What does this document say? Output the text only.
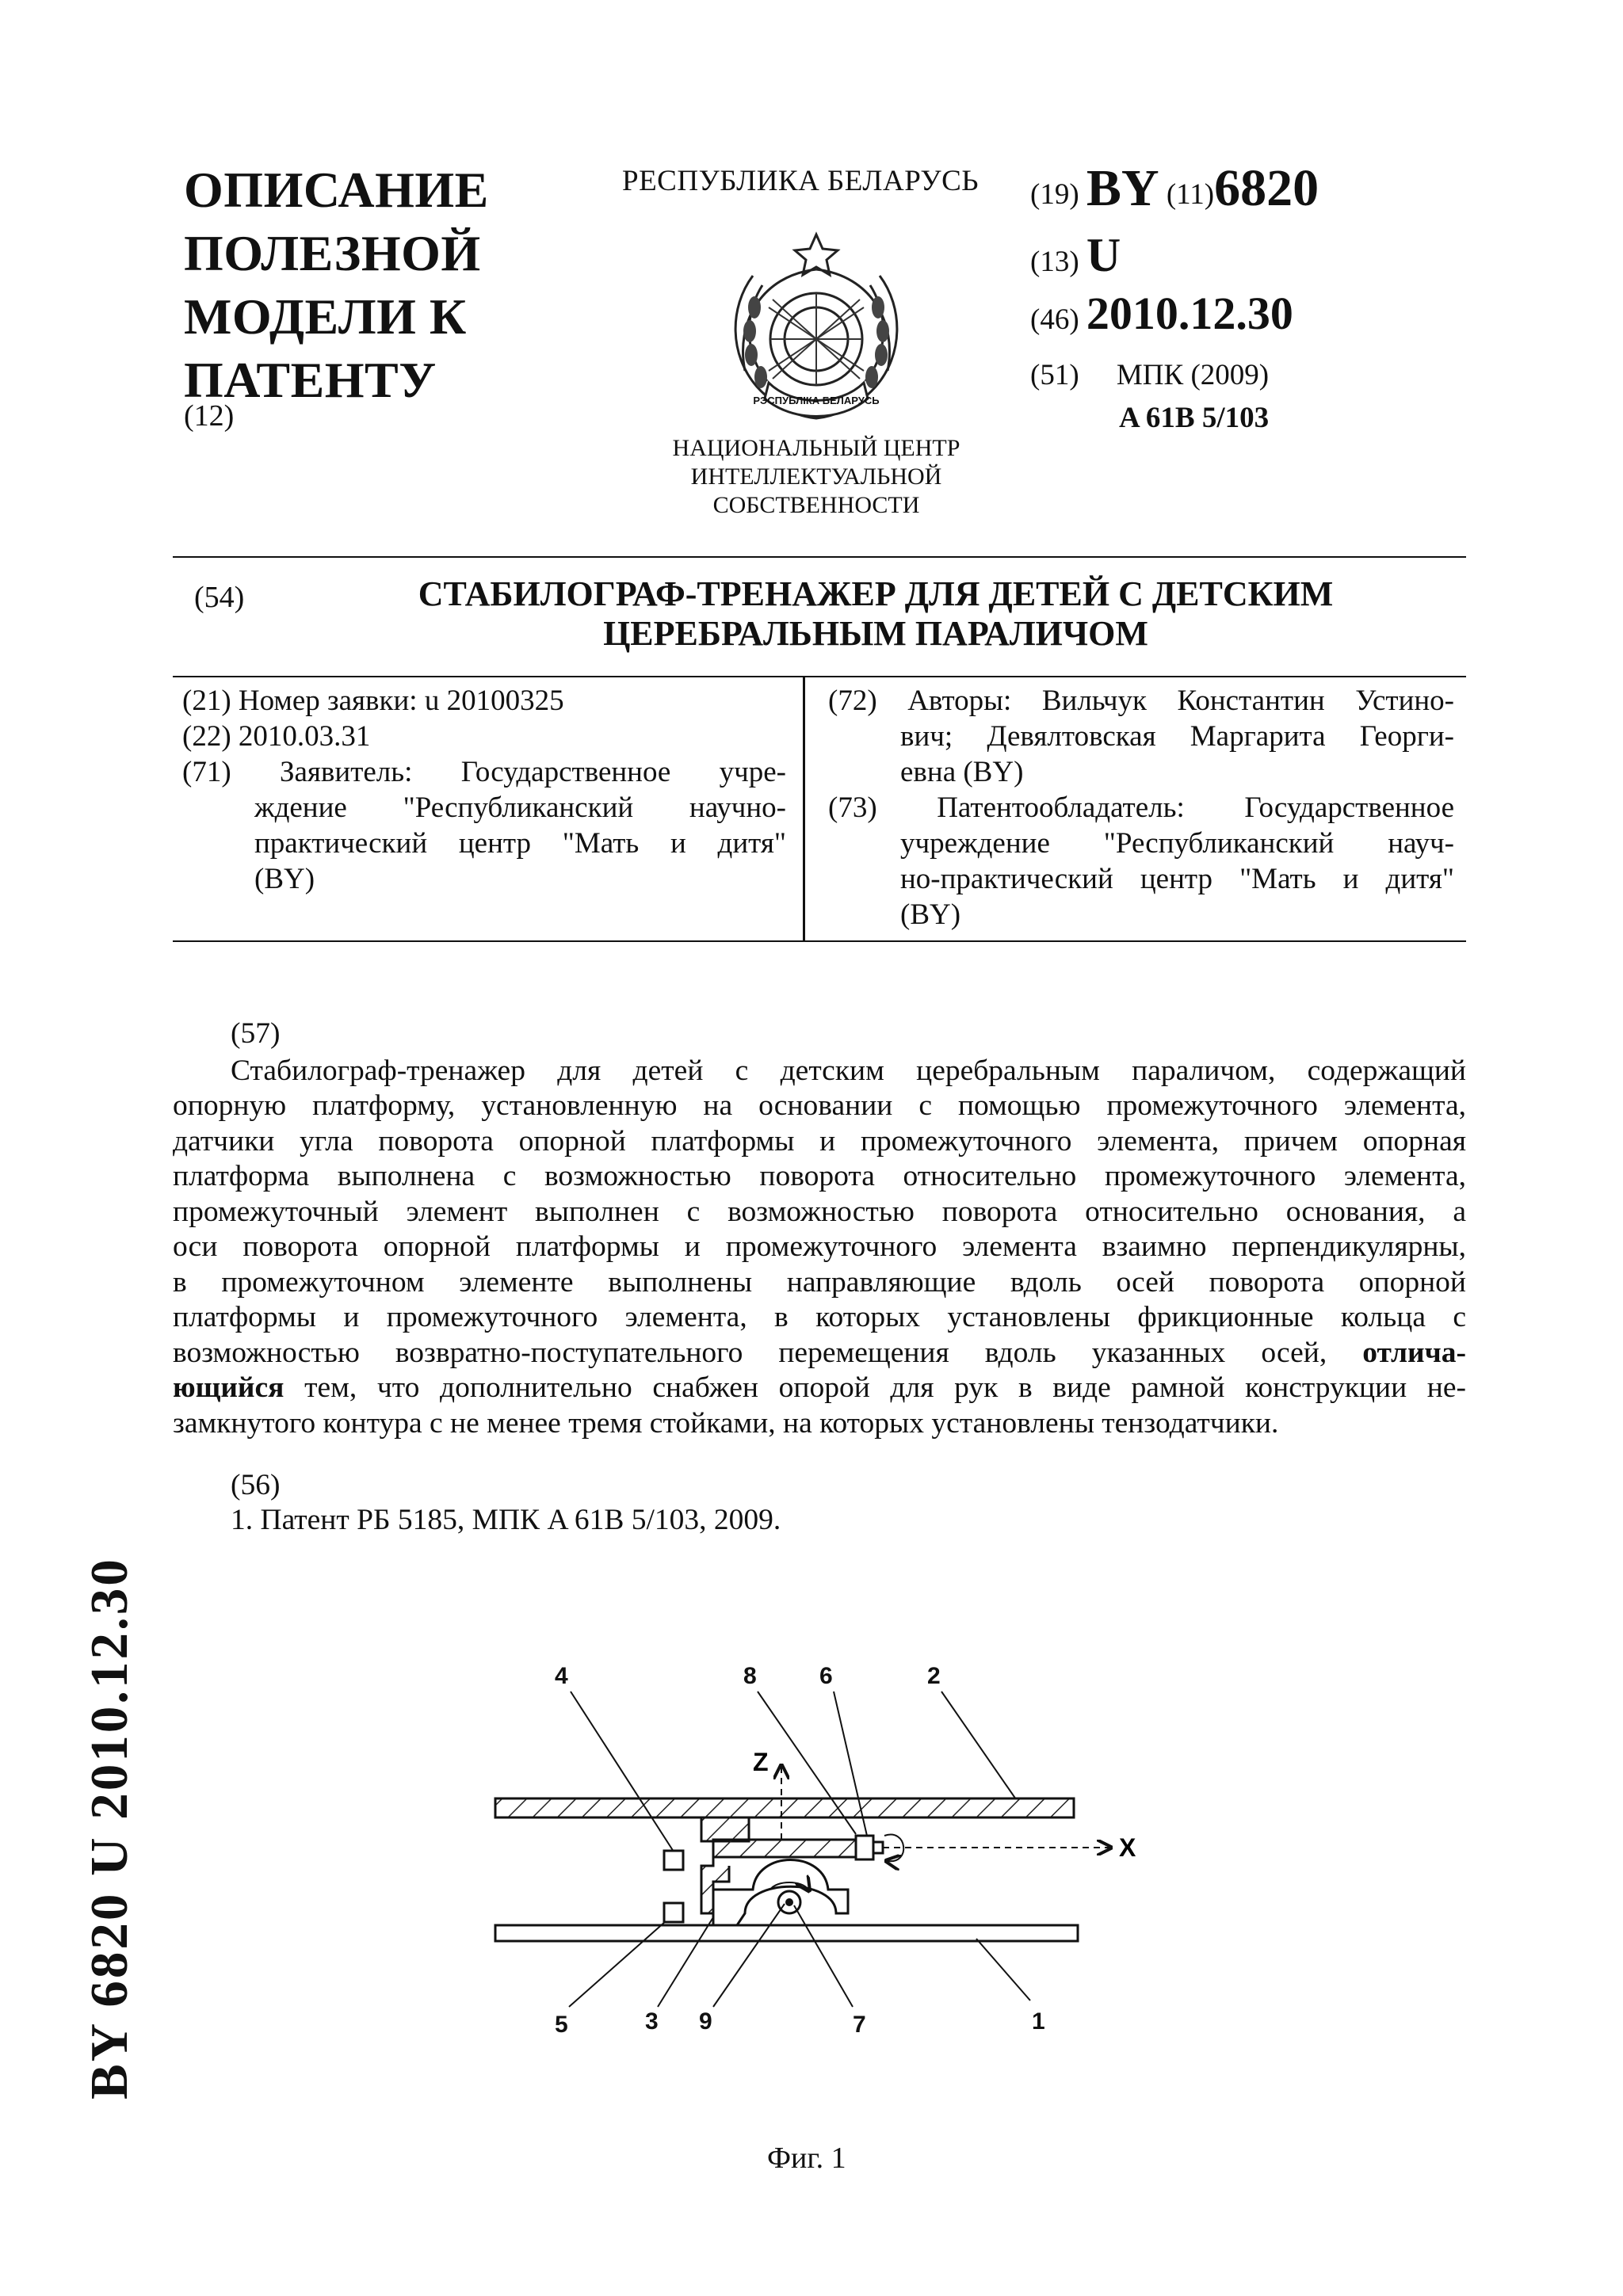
ОПИСАНИЕ
ПОЛЕЗНОЙ
МОДЕЛИ К
ПАТЕНТУ
(12)
РЕСПУБЛИКА БЕЛАРУСЬ
РЭСПУБЛІКА БЕЛАРУСЬ
НАЦИОНАЛЬНЫЙ ЦЕНТР
ИНТЕЛЛЕКТУАЛЬНОЙ
СОБСТВЕННОСТИ
(19) BY (11)6820
(13) U
(46) 2010.12.30
(51) МПК (2009)
A 61B 5/103
(54)	СТАБИЛОГРАФ-ТРЕНАЖЕР ДЛЯ ДЕТЕЙ С ДЕТСКИМ
ЦЕРЕБРАЛЬНЫМ ПАРАЛИЧОМ
(21) Номер заявки: u 20100325
(22) 2010.03.31
(71) Заявитель: Государственное учре-
ждение "Республиканский научно-
практический центр "Мать и дитя"
(BY)
(72) Авторы: Вильчук Константин Устино-
вич; Девялтовская Маргарита Георги-
евна (BY)
(73) Патентообладатель: Государственное
учреждение "Республиканский науч-
но-практический центр "Мать и дитя"
(BY)
(57)
Стабилограф-тренажер для детей с детским церебральным параличом, содержащий
опорную платформу, установленную на основании с помощью промежуточного элемента,
датчики угла поворота опорной платформы и промежуточного элемента, причем опорная
платформа выполнена с возможностью поворота относительно промежуточного элемента,
промежуточный элемент выполнен с возможностью поворота относительно основания, а
оси поворота опорной платформы и промежуточного элемента взаимно перпендикулярны,
в промежуточном элементе выполнены направляющие вдоль осей поворота опорной
платформы и промежуточного элемента, в которых установлены фрикционные кольца с
возможностью возвратно-поступательного перемещения вдоль указанных осей, отлича-
ющийся тем, что дополнительно снабжен опорой для рук в виде рамной конструкции не-
замкнутого контура с не менее тремя стойками, на которых установлены тензодатчики.
(56)
1. Патент РБ 5185, МПК A 61B 5/103, 2009.
Z
X
4	8	6	2
5	3 9	7	1
Фиг. 1
BY 6820 U 2010.12.30
